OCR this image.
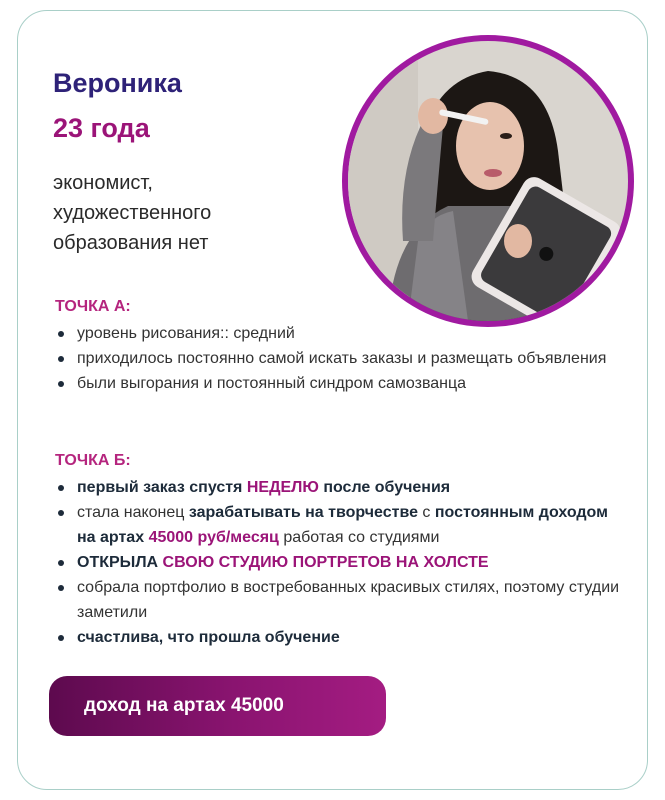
Вероника
23 года
экономист,
художественного
образования нет
ТОЧКА А:
уровень рисования:: средний
приходилось постоянно самой искать заказы и размещать объявления
были выгорания и постоянный синдром самозванца
ТОЧКА Б:
первый заказ спустя НЕДЕЛЮ после обучения
стала наконец зарабатывать на творчестве с постоянным доходом на артах 45000 руб/месяц работая со студиями
ОТКРЫЛА СВОЮ СТУДИЮ ПОРТРЕТОВ НА ХОЛСТЕ
собрала портфолио в востребованных красивых стилях, поэтому студии заметили
счастлива, что прошла обучение
доход на артах 45000
